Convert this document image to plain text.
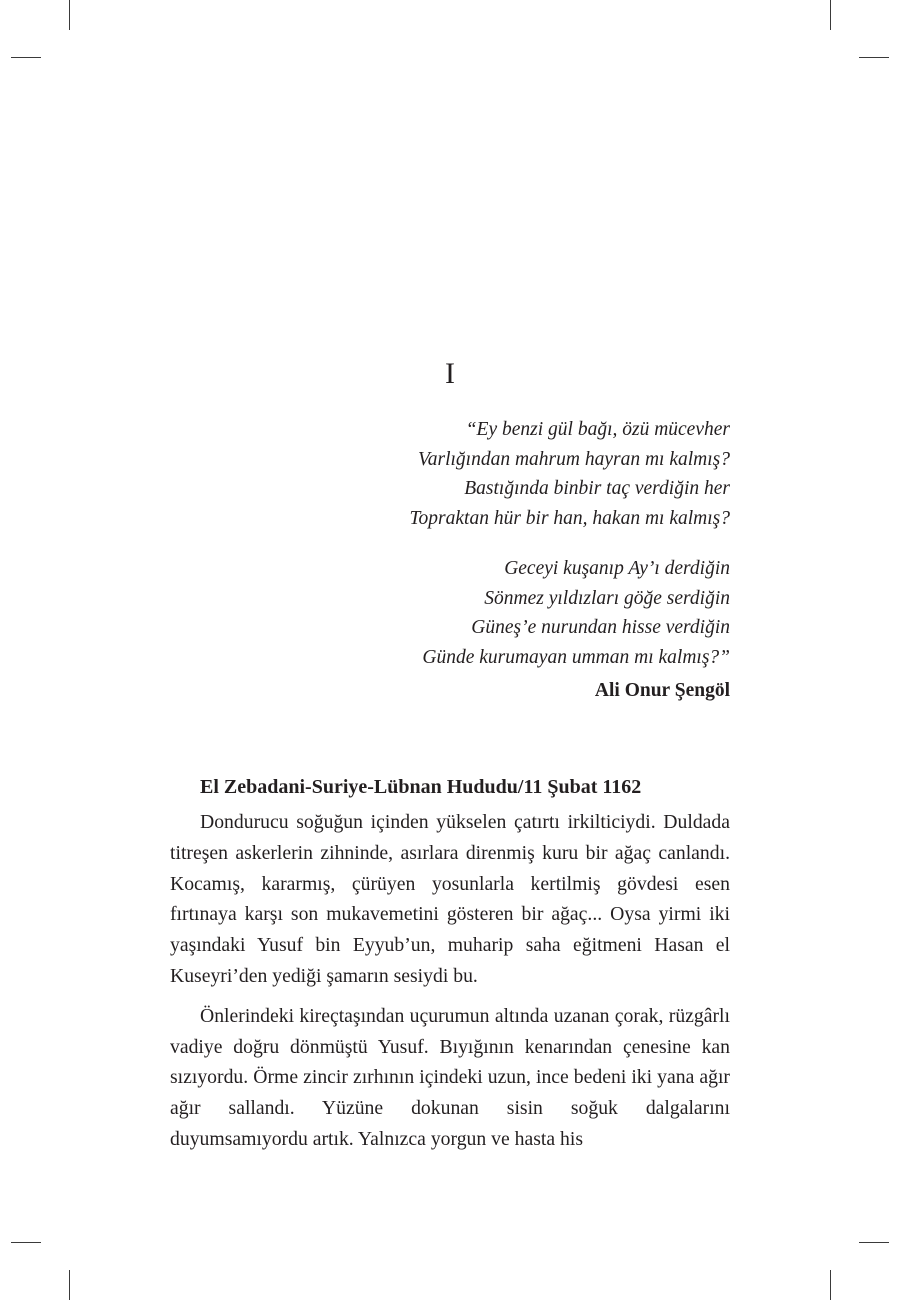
I

“Ey benzi gül bağı, özü mücevher
Varlığından mahrum hayran mı kalmış?
Bastığında binbir taç verdiğin her
Topraktan hür bir han, hakan mı kalmış?

Geceyi kuşanıp Ay’ı derdiğin
Sönmez yıldızları göğe serdiğin
Güneş’e nurundan hisse verdiğin
Günde kurumayan umman mı kalmış?”

Ali Onur Şengöl
El Zebadani-Suriye-Lübnan Hududu/11 Şubat 1162

Dondurucu soğuğun içinden yükselen çatırtı irkilticiydi. Duldada titreşen askerlerin zihninde, asırlara direnmiş kuru bir ağaç canlandı. Kocamış, kararmış, çürüyen yosunlarla kertilmiş gövdesi esen fırtınaya karşı son mukavemetini gösteren bir ağaç... Oysa yirmi iki yaşındaki Yusuf bin Eyyub’un, muharip saha eğitmeni Hasan el Kuseyri’den yediği şamarın sesiydi bu.

Önlerindeki kireçtaşından uçurumun altında uzanan çorak, rüzgârlı vadiye doğru dönmüştü Yusuf. Bıyığının kenarından çenesine kan sızıyordu. Örme zincir zırhının içindeki uzun, ince bedeni iki yana ağır ağır sallandı. Yüzüne dokunan sisin soğuk dalgalarını duyumsamıyordu artık. Yalnızca yorgun ve hasta his
